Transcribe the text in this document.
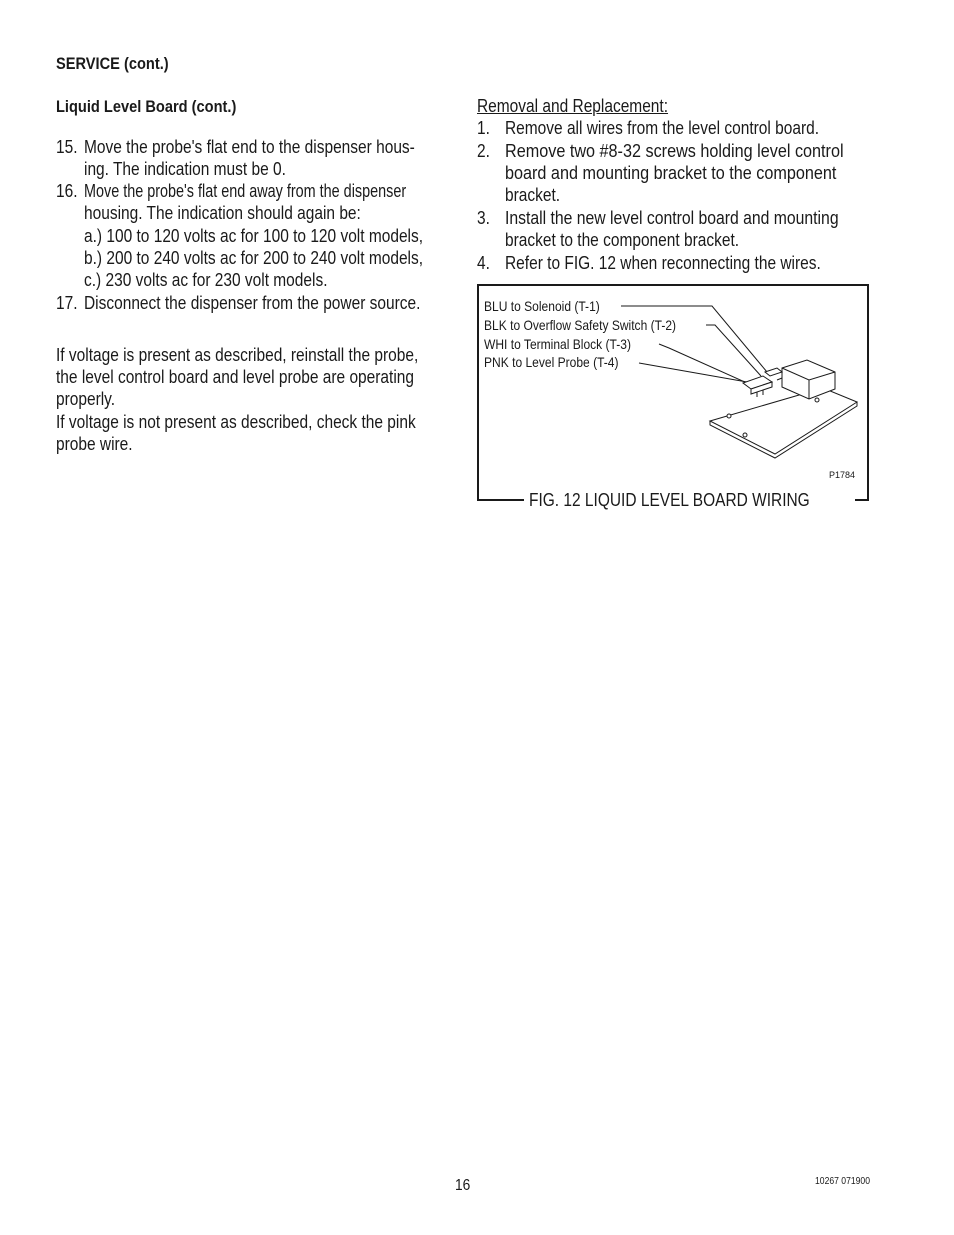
SERVICE (cont.)
Liquid Level Board (cont.)
15. Move the probe's flat end to the dispenser hous-
ing. The indication must be 0.
16. Move the probe's flat end away from the dispenser
housing. The indication should again be:
a.) 100 to 120 volts ac for 100 to 120 volt models,
b.) 200 to 240 volts ac for 200 to 240 volt models,
c.) 230 volts ac for 230 volt models.
17. Disconnect the dispenser from the power source.
If voltage is present as described, reinstall the probe,
the level control board and level probe are operating
properly.
If voltage is not present as described, check the pink
probe wire.
Removal and Replacement:
1. Remove all wires from the level control board.
2. Remove two #8-32 screws holding level control
board and mounting bracket to the component
bracket.
3. Install the new level control board and mounting
bracket to the component bracket.
4. Refer to FIG. 12 when reconnecting the wires.
BLU to Solenoid (T-1)
BLK to Overflow Safety Switch (T-2)
WHI to Terminal Block (T-3)
PNK to Level Probe (T-4)
P1784
FIG. 12 LIQUID LEVEL BOARD WIRING
16	10267 071900
